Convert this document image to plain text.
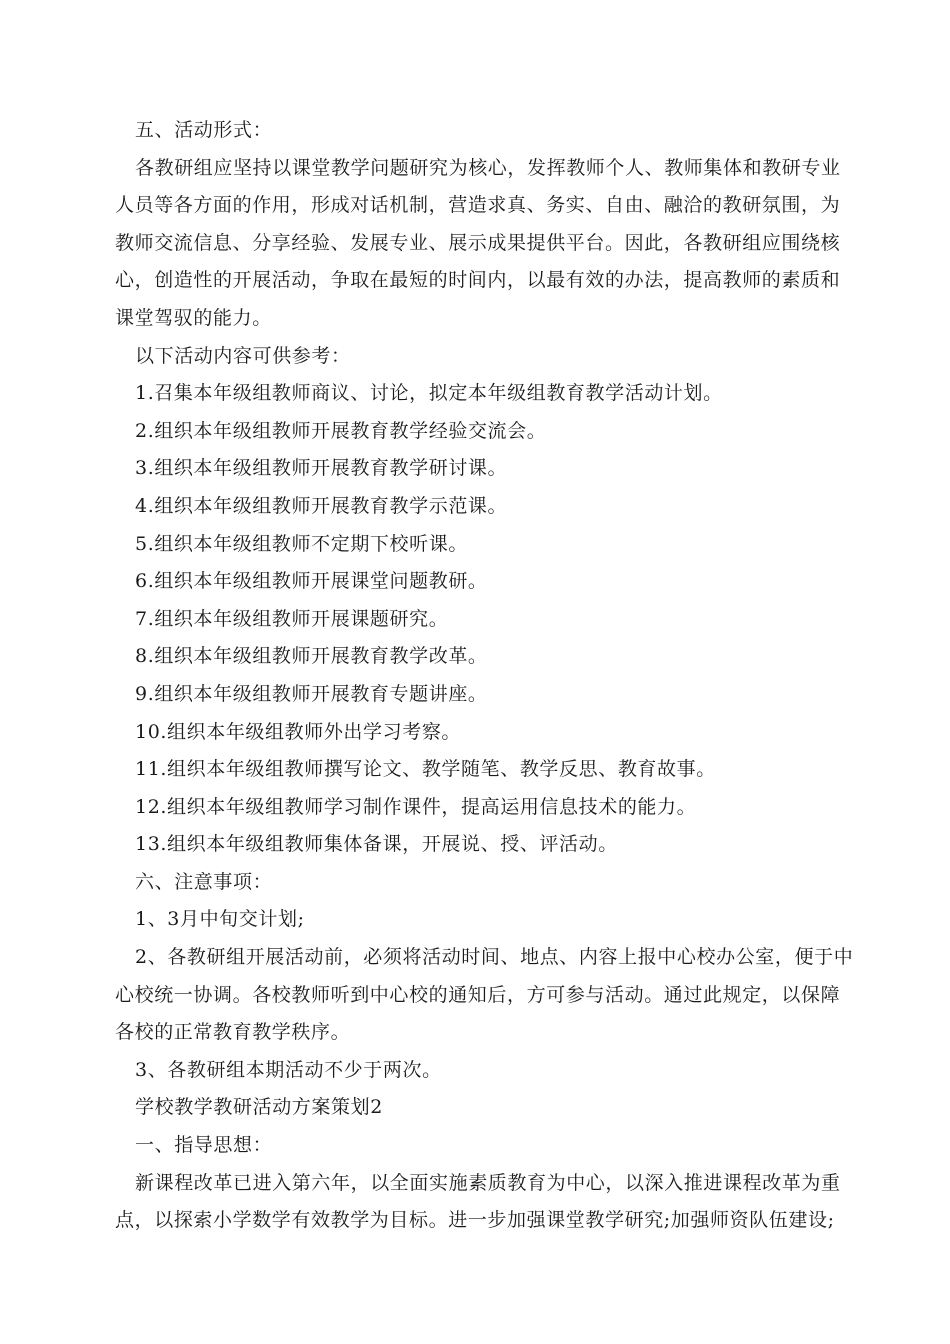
五、活动形式：

各教研组应坚持以课堂教学问题研究为核心，发挥教师个人、教师集体和教研专业

人员等各方面的作用，形成对话机制，营造求真、务实、自由、融洽的教研氛围，为

教师交流信息、分享经验、发展专业、展示成果提供平台。因此，各教研组应围绕核

心，创造性的开展活动，争取在最短的时间内，以最有效的办法，提高教师的素质和

课堂驾驭的能力。

以下活动内容可供参考：

1.召集本年级组教师商议、讨论，拟定本年级组教育教学活动计划。

2.组织本年级组教师开展教育教学经验交流会。

3.组织本年级组教师开展教育教学研讨课。

4.组织本年级组教师开展教育教学示范课。

5.组织本年级组教师不定期下校听课。

6.组织本年级组教师开展课堂问题教研。

7.组织本年级组教师开展课题研究。

8.组织本年级组教师开展教育教学改革。

9.组织本年级组教师开展教育专题讲座。

10.组织本年级组教师外出学习考察。

11.组织本年级组教师撰写论文、教学随笔、教学反思、教育故事。

12.组织本年级组教师学习制作课件，提高运用信息技术的能力。

13.组织本年级组教师集体备课，开展说、授、评活动。

六、注意事项：

1、3月中旬交计划;

2、各教研组开展活动前，必须将活动时间、地点、内容上报中心校办公室，便于中

心校统一协调。各校教师听到中心校的通知后，方可参与活动。通过此规定，以保障

各校的正常教育教学秩序。

3、各教研组本期活动不少于两次。

学校教学教研活动方案策划2

一、指导思想：

新课程改革已进入第六年，以全面实施素质教育为中心，以深入推进课程改革为重

点，以探索小学数学有效教学为目标。进一步加强课堂教学研究;加强师资队伍建设;
